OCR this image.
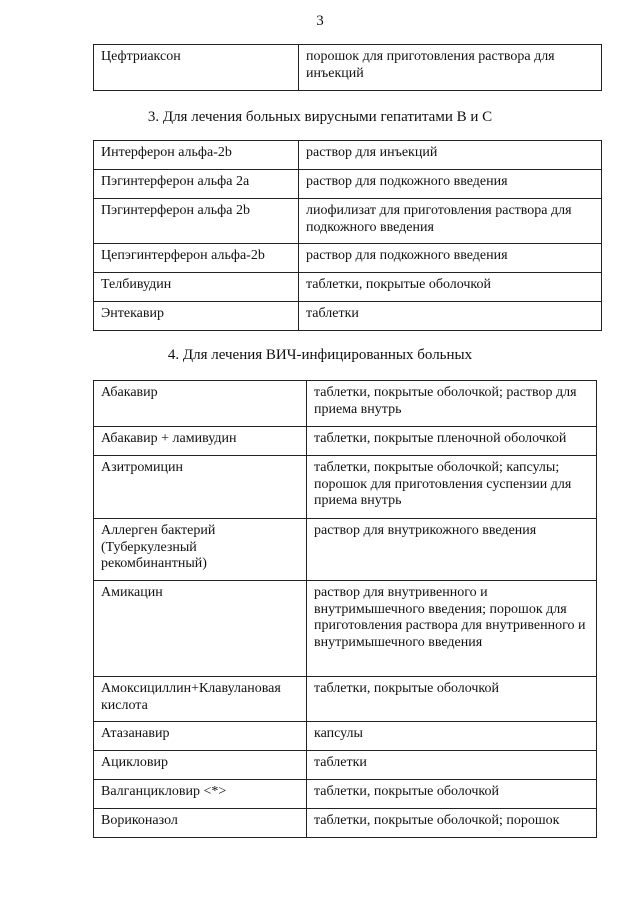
3
Цефтриаксон	порошок для приготовления раствора для инъекций
3. Для лечения больных вирусными гепатитами В и С
Интерферон альфа-2b	раствор для инъекций
Пэгинтерферон альфа 2а	раствор для подкожного введения
Пэгинтерферон альфа 2b	лиофилизат для приготовления раствора для подкожного введения
Цепэгинтерферон альфа-2b	раствор для подкожного введения
Телбивудин	таблетки, покрытые оболочкой
Энтекавир	таблетки
4. Для лечения ВИЧ-инфицированных больных
Абакавир	таблетки, покрытые оболочкой; раствор для приема внутрь
Абакавир + ламивудин	таблетки, покрытые пленочной оболочкой
Азитромицин	таблетки, покрытые оболочкой; капсулы; порошок для приготовления суспензии для приема внутрь
Аллерген бактерий (Туберкулезный рекомбинантный)	раствор для внутрикожного введения
Амикацин	раствор для внутривенного и внутримышечного введения; порошок для приготовления раствора для внутривенного и внутримышечного введения
Амоксициллин+Клавулановая кислота	таблетки, покрытые оболочкой
Атазанавир	капсулы
Ацикловир	таблетки
Валганцикловир <*>	таблетки, покрытые оболочкой
Вориконазол	таблетки, покрытые оболочкой; порошок
